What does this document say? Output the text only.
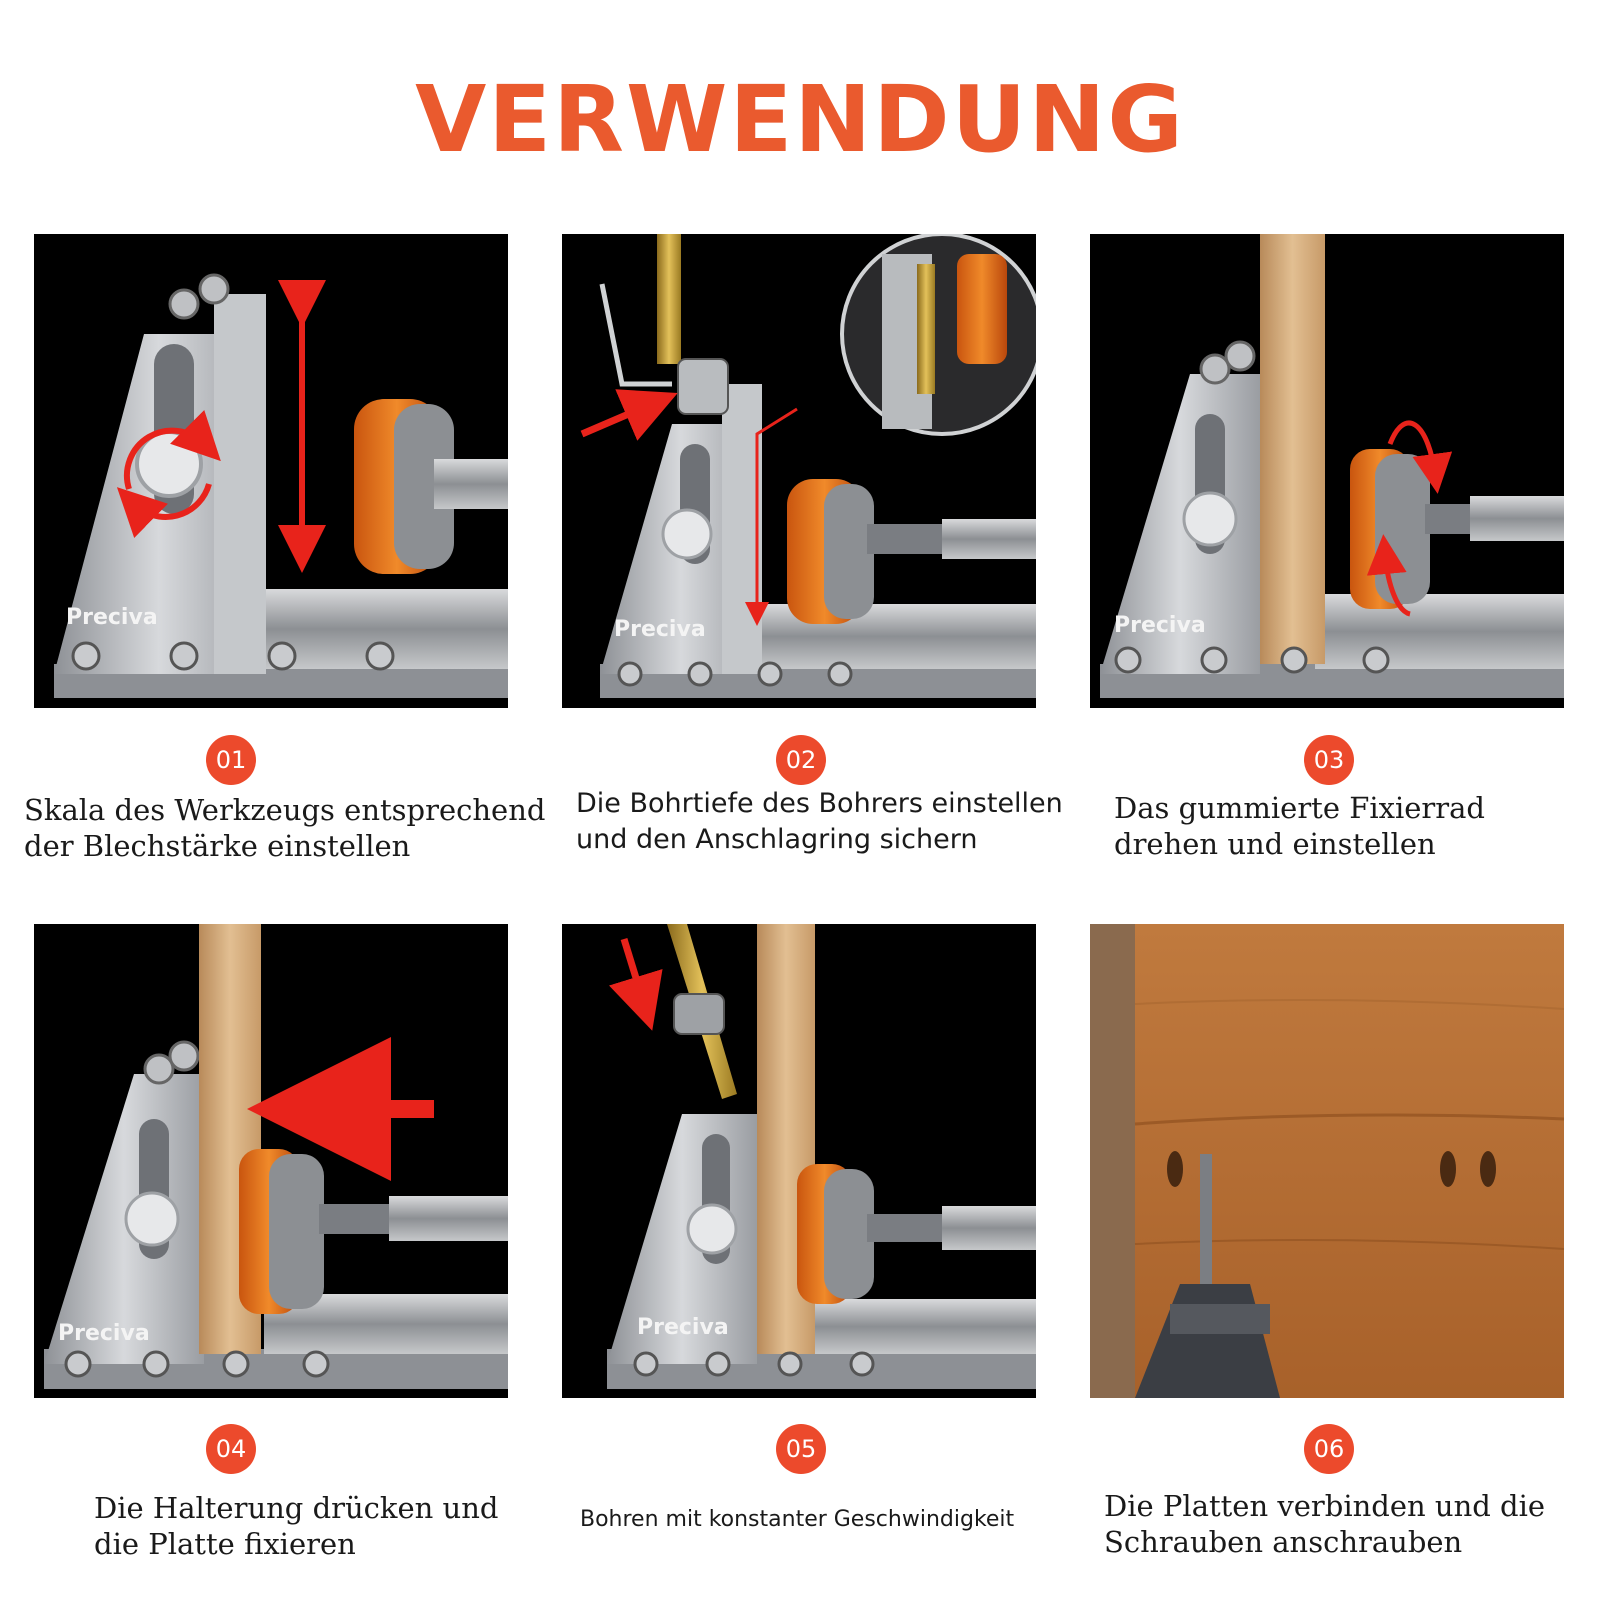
VERWENDUNG
Preciva	Preciva	Preciva
Preciva	Preciva
01	02	03
04	05	06
Skala des Werkzeugs entsprechend
der Blechstärke einstellen
Die Bohrtiefe des Bohrers einstellen
und den Anschlagring sichern
Das gummierte Fixierrad
drehen und einstellen
Die Halterung drücken und
die Platte fixieren
Bohren mit konstanter Geschwindigkeit	Die Platten verbinden und die
Schrauben anschrauben
